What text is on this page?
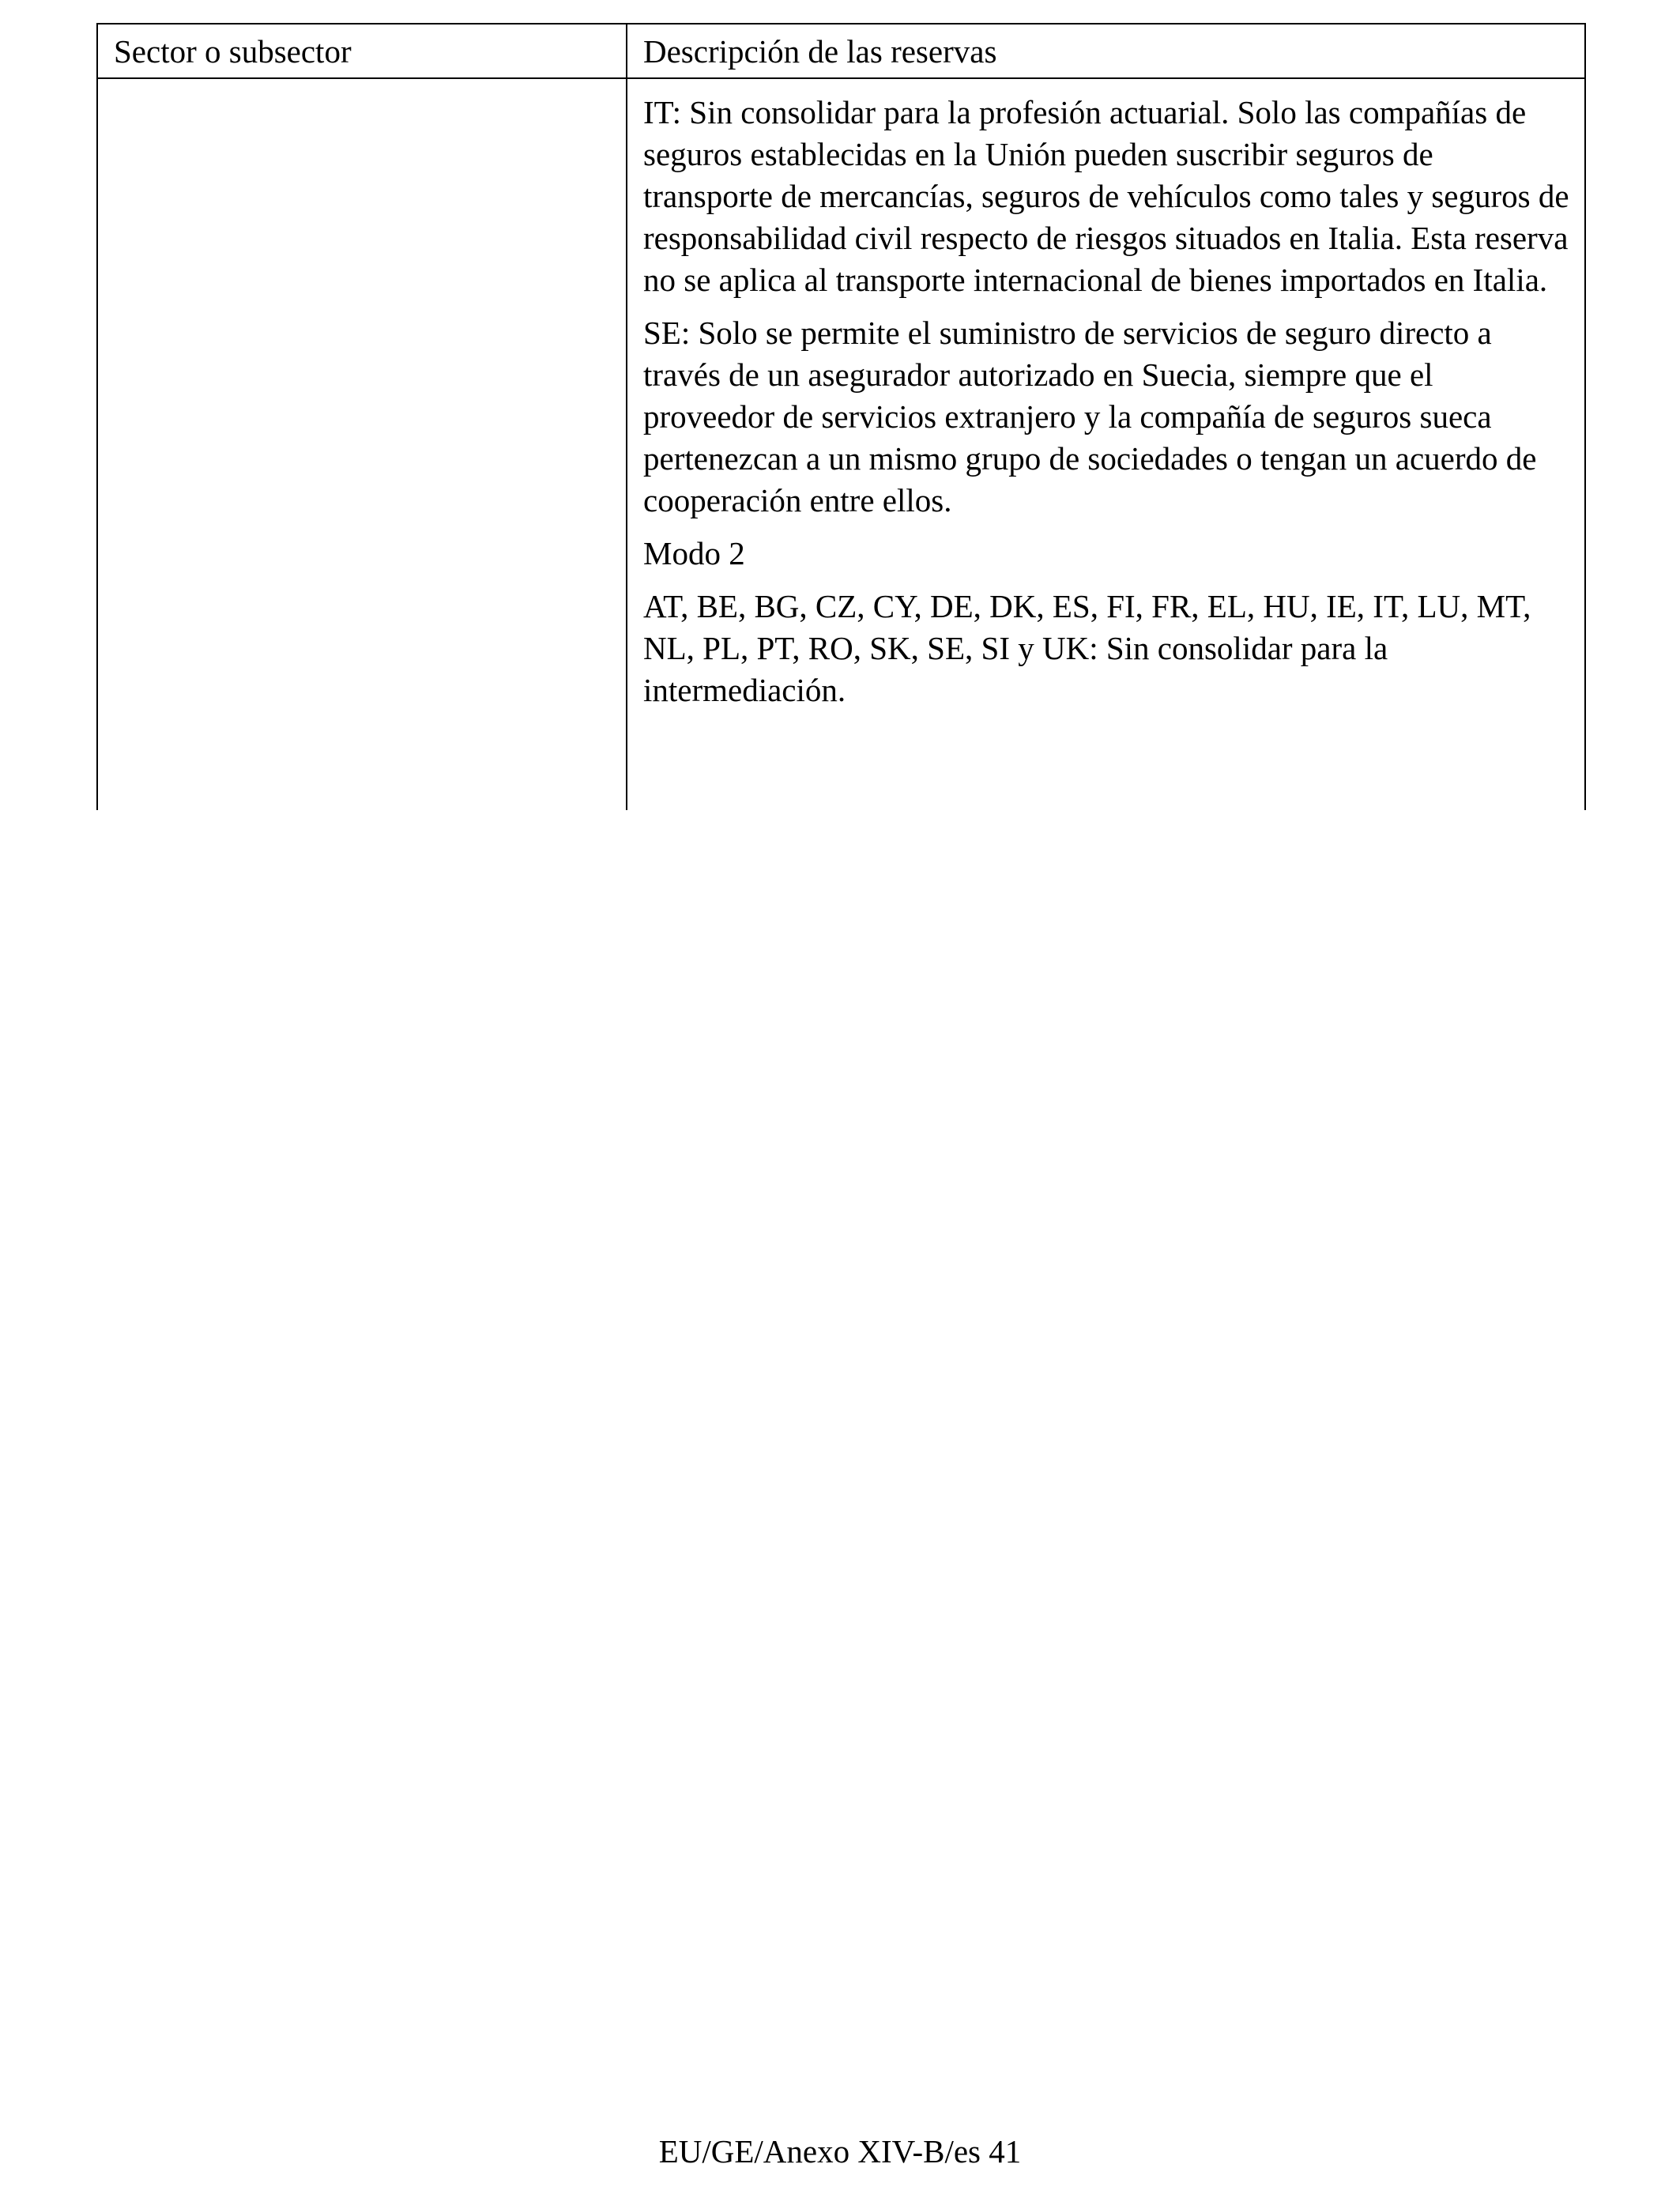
Sector o subsector	Descripción de las reservas

	IT: Sin consolidar para la profesión actuarial. Solo las compañías de seguros establecidas en la Unión pueden suscribir seguros de transporte de mercancías, seguros de vehículos como tales y seguros de responsabilidad civil respecto de riesgos situados en Italia. Esta reserva no se aplica al transporte internacional de bienes importados en Italia.

SE: Solo se permite el suministro de servicios de seguro directo a través de un asegurador autorizado en Suecia, siempre que el proveedor de servicios extranjero y la compañía de seguros sueca pertenezcan a un mismo grupo de sociedades o tengan un acuerdo de cooperación entre ellos.

Modo 2

AT, BE, BG, CZ, CY, DE, DK, ES, FI, FR, EL, HU, IE, IT, LU, MT, NL, PL, PT, RO, SK, SE, SI y UK: Sin consolidar para la intermediación.

EU/GE/Anexo XIV-B/es 41
